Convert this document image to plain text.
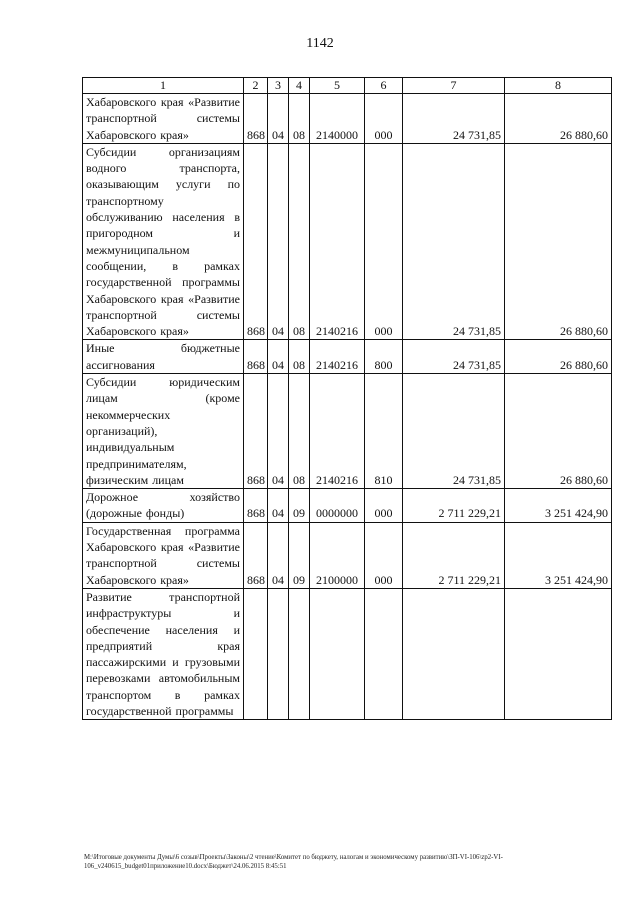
1142
1	2	3	4	5	6	7	8
Хабаровского края «Развитие транспортной системы Хабаровского края»	868	04	08	2140000	000	24 731,85	26 880,60
Субсидии организациям водного транспорта, оказывающим услуги по транспортному обслуживанию населения в пригородном и межмуниципальном сообщении, в рамках государственной программы Хабаровского края «Развитие транспортной системы Хабаровского края»	868	04	08	2140216	000	24 731,85	26 880,60
Иные бюджетные ассигнования	868	04	08	2140216	800	24 731,85	26 880,60
Субсидии юридическим лицам (кроме некоммерческих организаций), индивидуальным предпринимателям, физическим лицам	868	04	08	2140216	810	24 731,85	26 880,60
Дорожное хозяйство (дорожные фонды)	868	04	09	0000000	000	2 711 229,21	3 251 424,90
Государственная программа Хабаровского края «Развитие транспортной системы Хабаровского края»	868	04	09	2100000	000	2 711 229,21	3 251 424,90
Развитие транспортной инфраструктуры и обеспечение населения и предприятий края пассажирскими и грузовыми перевозками автомобильным транспортом в рамках государственной программы							
M:\Итоговые документы Думы\6 созыв\Проекты\Законы\2 чтение\Комитет по бюджету, налогам и экономическому развитию\ЗП-VI-106\zp2-VI-106_v240615_budget01приложение10.docx\Бюджет\24.06.2015 8:45:51
